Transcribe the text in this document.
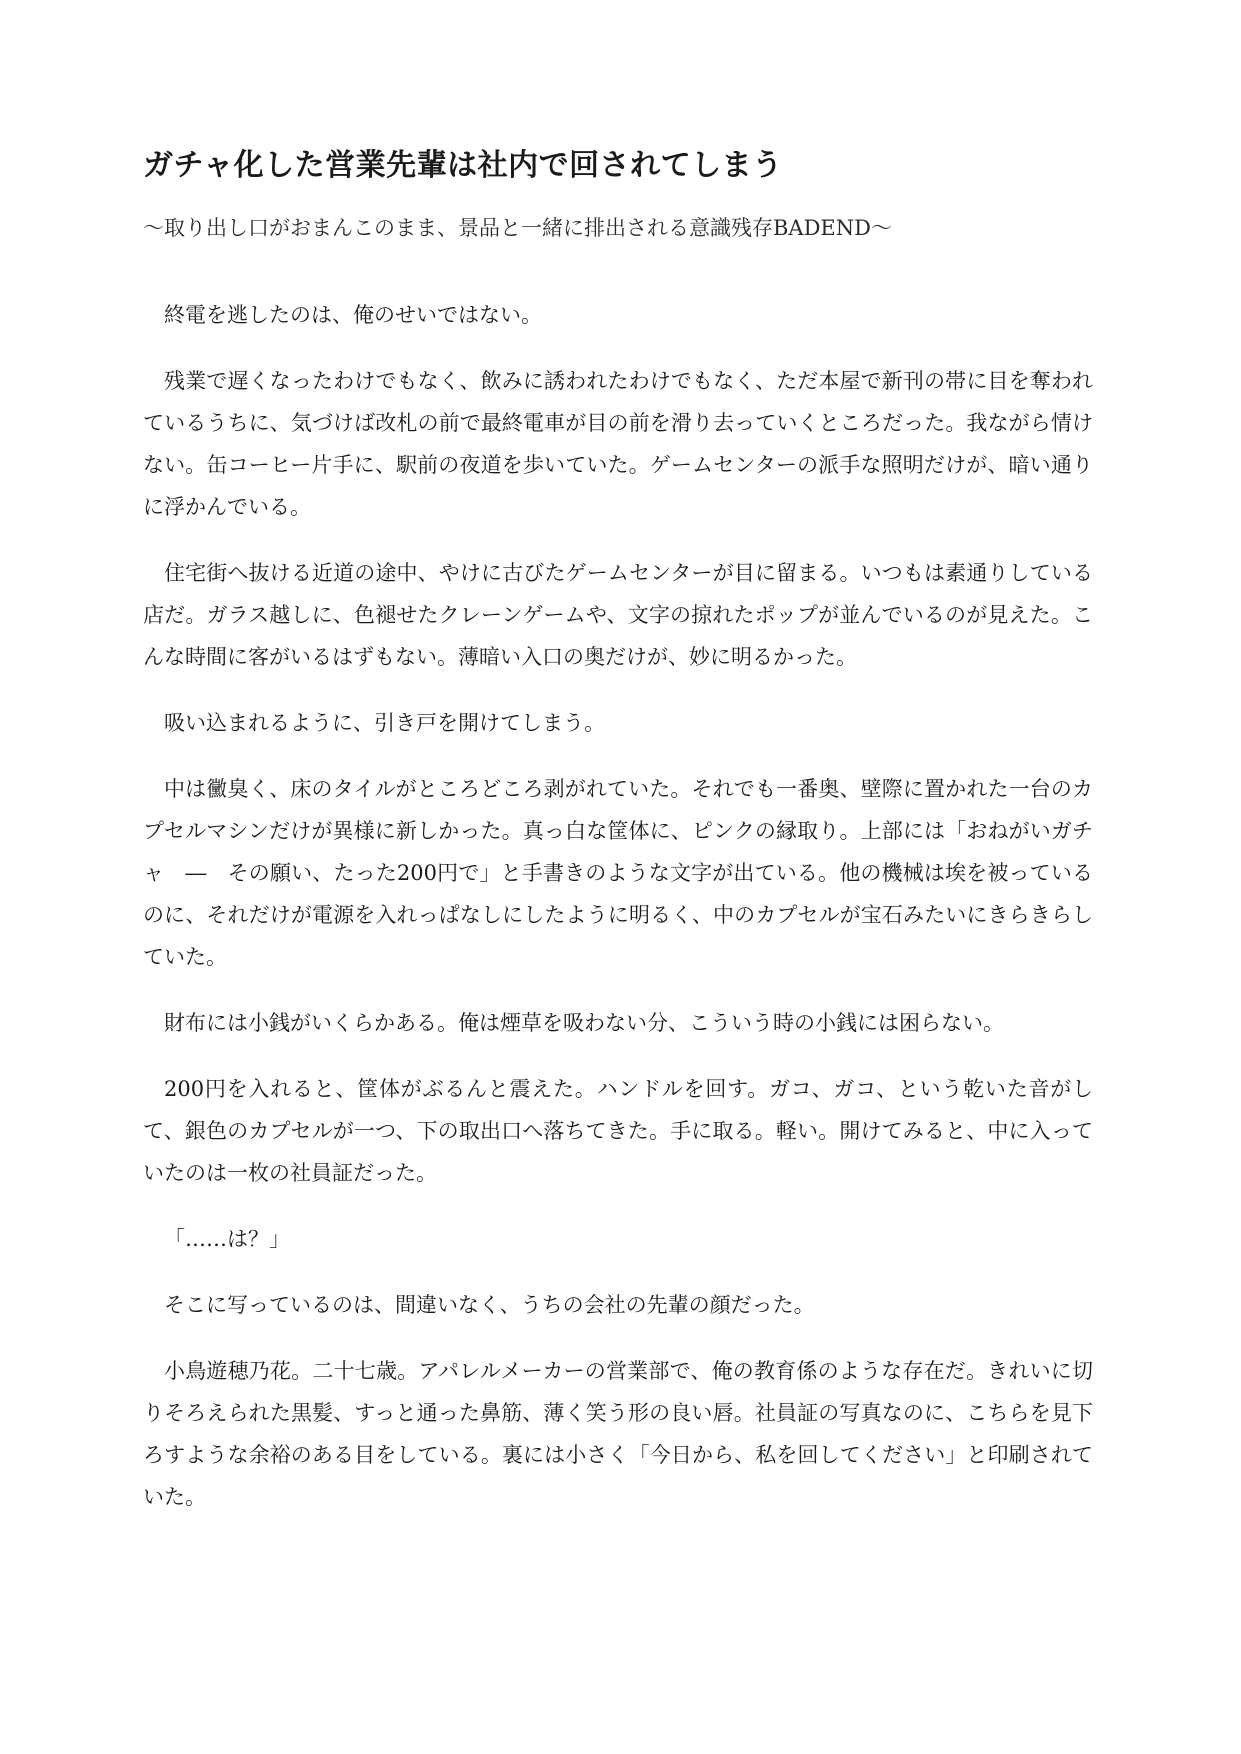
ガチャ化した営業先輩は社内で回されてしまう

〜取り出し口がおまんこのまま、景品と一緒に排出される意識残存BADEND〜

終電を逃したのは、俺のせいではない。

残業で遅くなったわけでもなく、飲みに誘われたわけでもなく、ただ本屋で新刊の帯に目を奪われているうちに、気づけば改札の前で最終電車が目の前を滑り去っていくところだった。我ながら情けない。缶コーヒー片手に、駅前の夜道を歩いていた。ゲームセンターの派手な照明だけが、暗い通りに浮かんでいる。

住宅街へ抜ける近道の途中、やけに古びたゲームセンターが目に留まる。いつもは素通りしている店だ。ガラス越しに、色褪せたクレーンゲームや、文字の掠れたポップが並んでいるのが見えた。こんな時間に客がいるはずもない。薄暗い入口の奥だけが、妙に明るかった。

吸い込まれるように、引き戸を開けてしまう。

中は黴臭く、床のタイルがところどころ剥がれていた。それでも一番奥、壁際に置かれた一台のカプセルマシンだけが異様に新しかった。真っ白な筐体に、ピンクの縁取り。上部には「おねがいガチャ　―　その願い、たった200円で」と手書きのような文字が出ている。他の機械は埃を被っているのに、それだけが電源を入れっぱなしにしたように明るく、中のカプセルが宝石みたいにきらきらしていた。

財布には小銭がいくらかある。俺は煙草を吸わない分、こういう時の小銭には困らない。

200円を入れると、筐体がぶるんと震えた。ハンドルを回す。ガコ、ガコ、という乾いた音がして、銀色のカプセルが一つ、下の取出口へ落ちてきた。手に取る。軽い。開けてみると、中に入っていたのは一枚の社員証だった。

「……は？」

そこに写っているのは、間違いなく、うちの会社の先輩の顔だった。

小鳥遊穂乃花。二十七歳。アパレルメーカーの営業部で、俺の教育係のような存在だ。きれいに切りそろえられた黒髪、すっと通った鼻筋、薄く笑う形の良い唇。社員証の写真なのに、こちらを見下ろすような余裕のある目をしている。裏には小さく「今日から、私を回してください」と印刷されていた。
